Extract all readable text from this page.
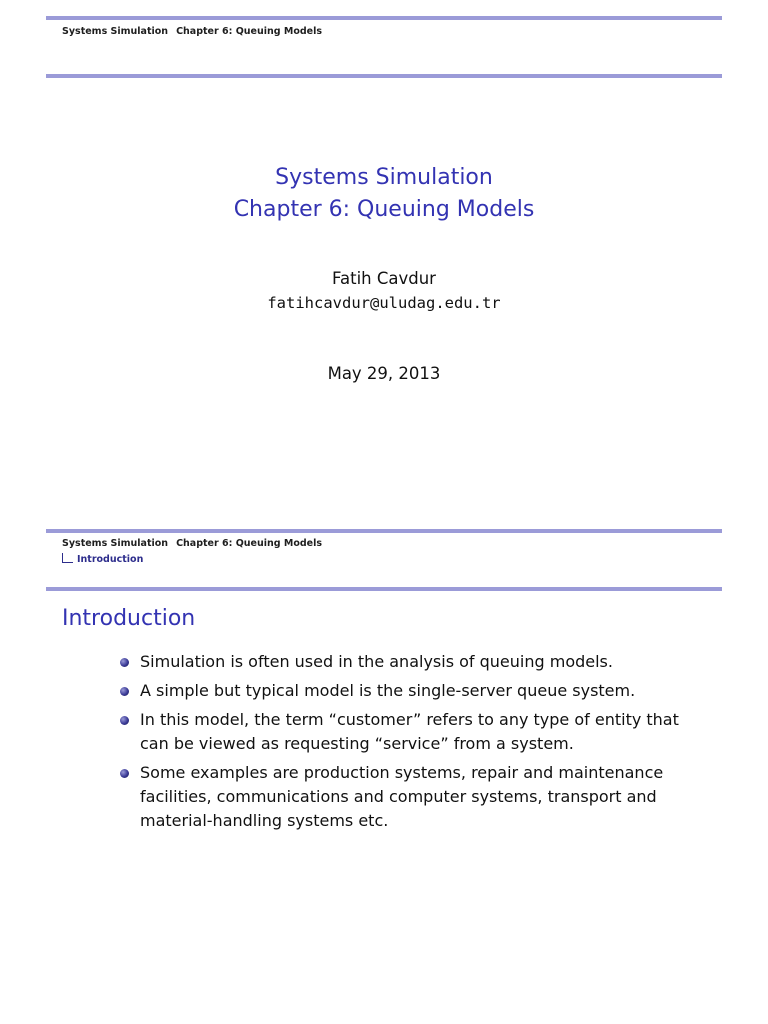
Systems Simulation Chapter 6: Queuing Models
Systems Simulation
Chapter 6: Queuing Models
Fatih Cavdur
fatihcavdur@uludag.edu.tr
May 29, 2013
Systems Simulation Chapter 6: Queuing Models
Introduction
Introduction
Simulation is often used in the analysis of queuing models.
A simple but typical model is the single-server queue system.
In this model, the term “customer” refers to any type of entity that can be viewed as requesting “service” from a system.
Some examples are production systems, repair and maintenance facilities, communications and computer systems, transport and material-handling systems etc.
